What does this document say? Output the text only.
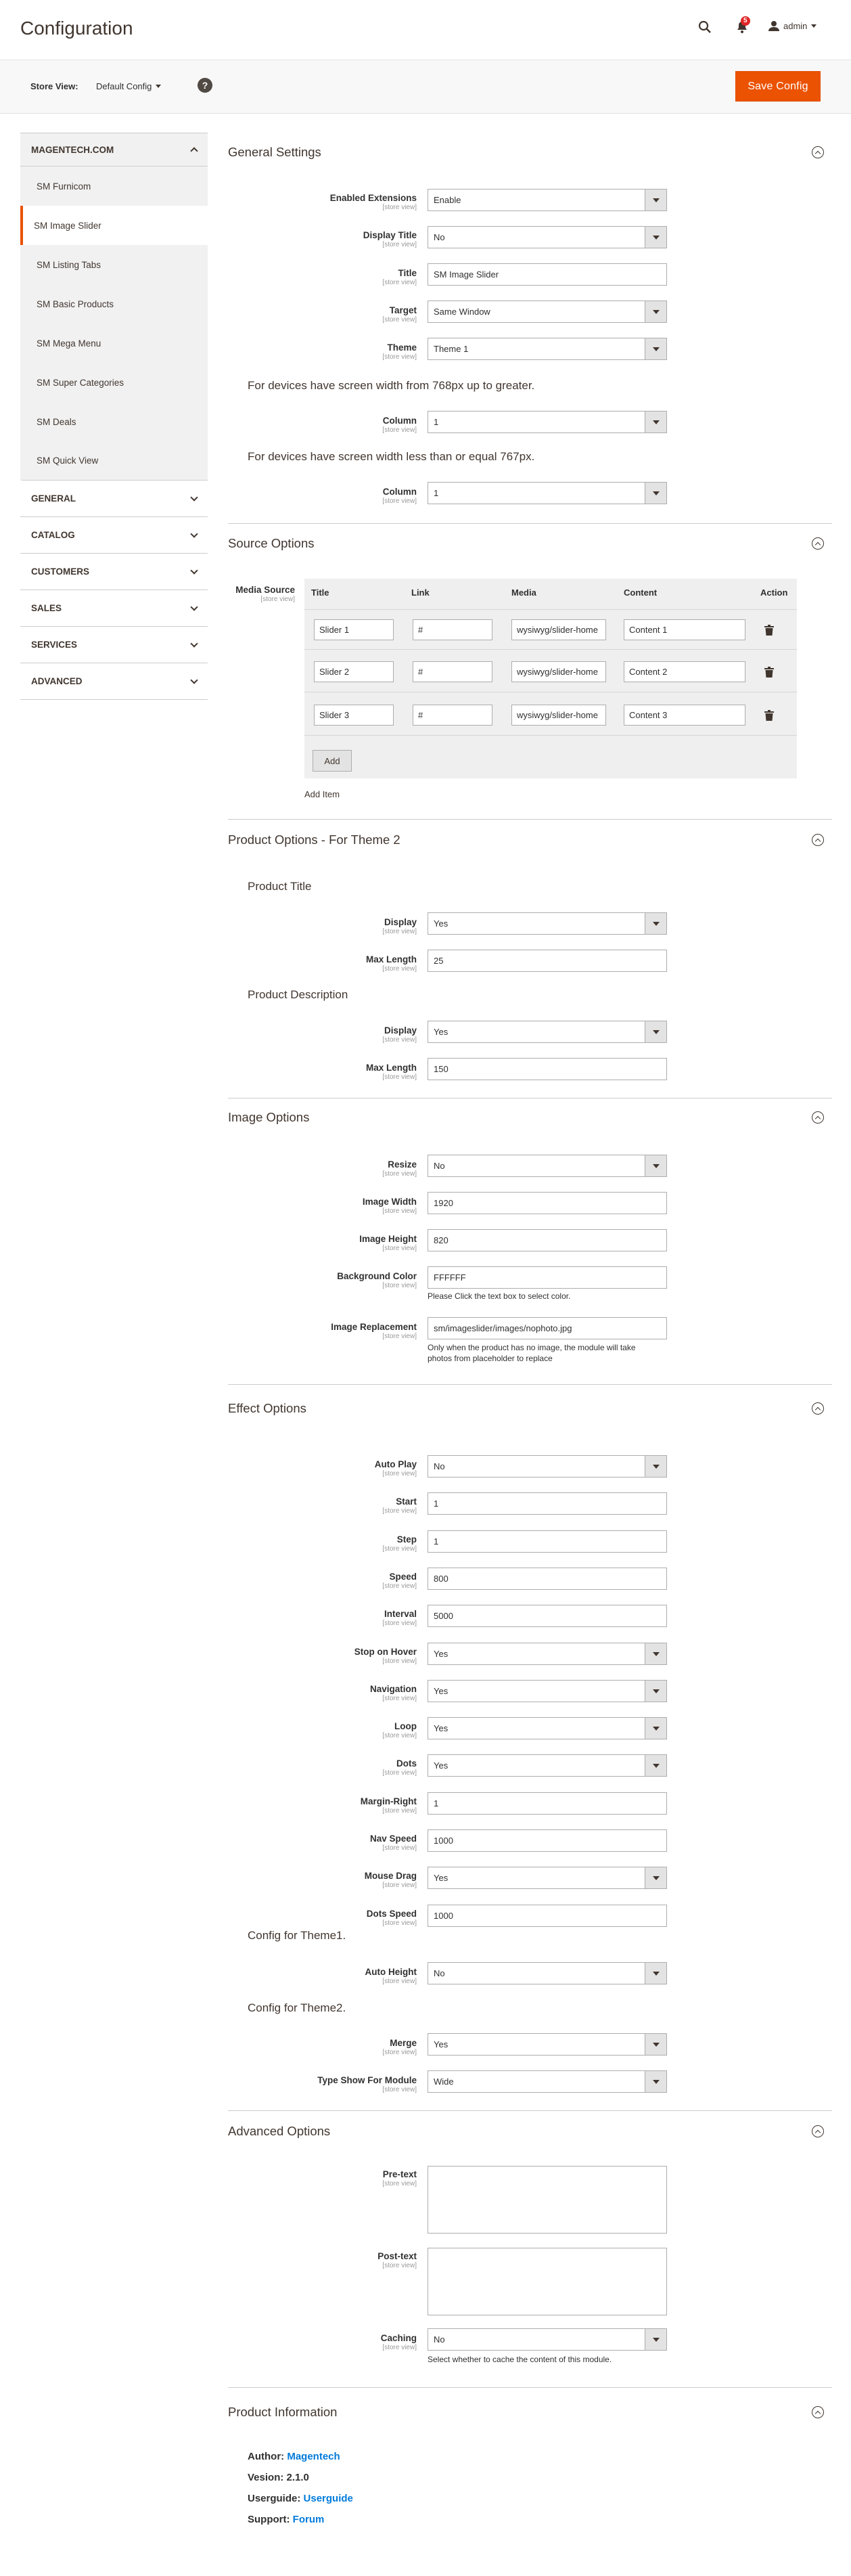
Configuration	5	admin
Store View: Default Config	?	Save Config
MAGENTECH.COM
SM Furnicom
SM Image Slider
SM Listing Tabs
SM Basic Products
SM Mega Menu
SM Super Categories
SM Deals
SM Quick View
GENERAL
CATALOG
CUSTOMERS
SALES
SERVICES
ADVANCED
General Settings
Enabled Extensions
[store view]
Enable
Display Title
[store view]
No
Title
[store view]
SM Image Slider
Target
[store view]
Same Window
Theme
[store view]
Theme 1
For devices have screen width from 768px up to greater.
Column
[store view]
1
For devices have screen width less than or equal 767px.
Column
[store view]
1
Source Options
Media Source
[store view]
Title	Link	Media	Content	Action
Slider 1	#	wysiwyg/slider-home	Content 1
Slider 2	#	wysiwyg/slider-home	Content 2
Slider 3	#	wysiwyg/slider-home	Content 3
Add
Add Item
Product Options - For Theme 2
Product Title
Display
[store view]
Yes
Max Length
[store view]
25
Product Description
Display
[store view]
Yes
Max Length
[store view]
150
Image Options
Resize
[store view]
No
Image Width
[store view]
1920
Image Height
[store view]
820
Background Color
[store view]
FFFFFF
Please Click the text box to select color.
Image Replacement
[store view]
sm/imageslider/images/nophoto.jpg
Only when the product has no image, the module will take photos from placeholder to replace
Effect Options
Auto Play
[store view]
No
Start
[store view]
1
Step
[store view]
1
Speed
[store view]
800
Interval
[store view]
5000
Stop on Hover
[store view]
Yes
Navigation
[store view]
Yes
Loop
[store view]
Yes
Dots
[store view]
Yes
Margin-Right
[store view]
1
Nav Speed
[store view]
1000
Mouse Drag
[store view]
Yes
Dots Speed
[store view]
1000
Config for Theme1.
Auto Height
[store view]
No
Config for Theme2.
Merge
[store view]
Yes
Type Show For Module
[store view]
Wide
Advanced Options
Pre-text
[store view]
Post-text
[store view]
Caching
[store view]
No
Select whether to cache the content of this module.
Product Information
Author: Magentech
Vesion: 2.1.0
Userguide: Userguide
Support: Forum
